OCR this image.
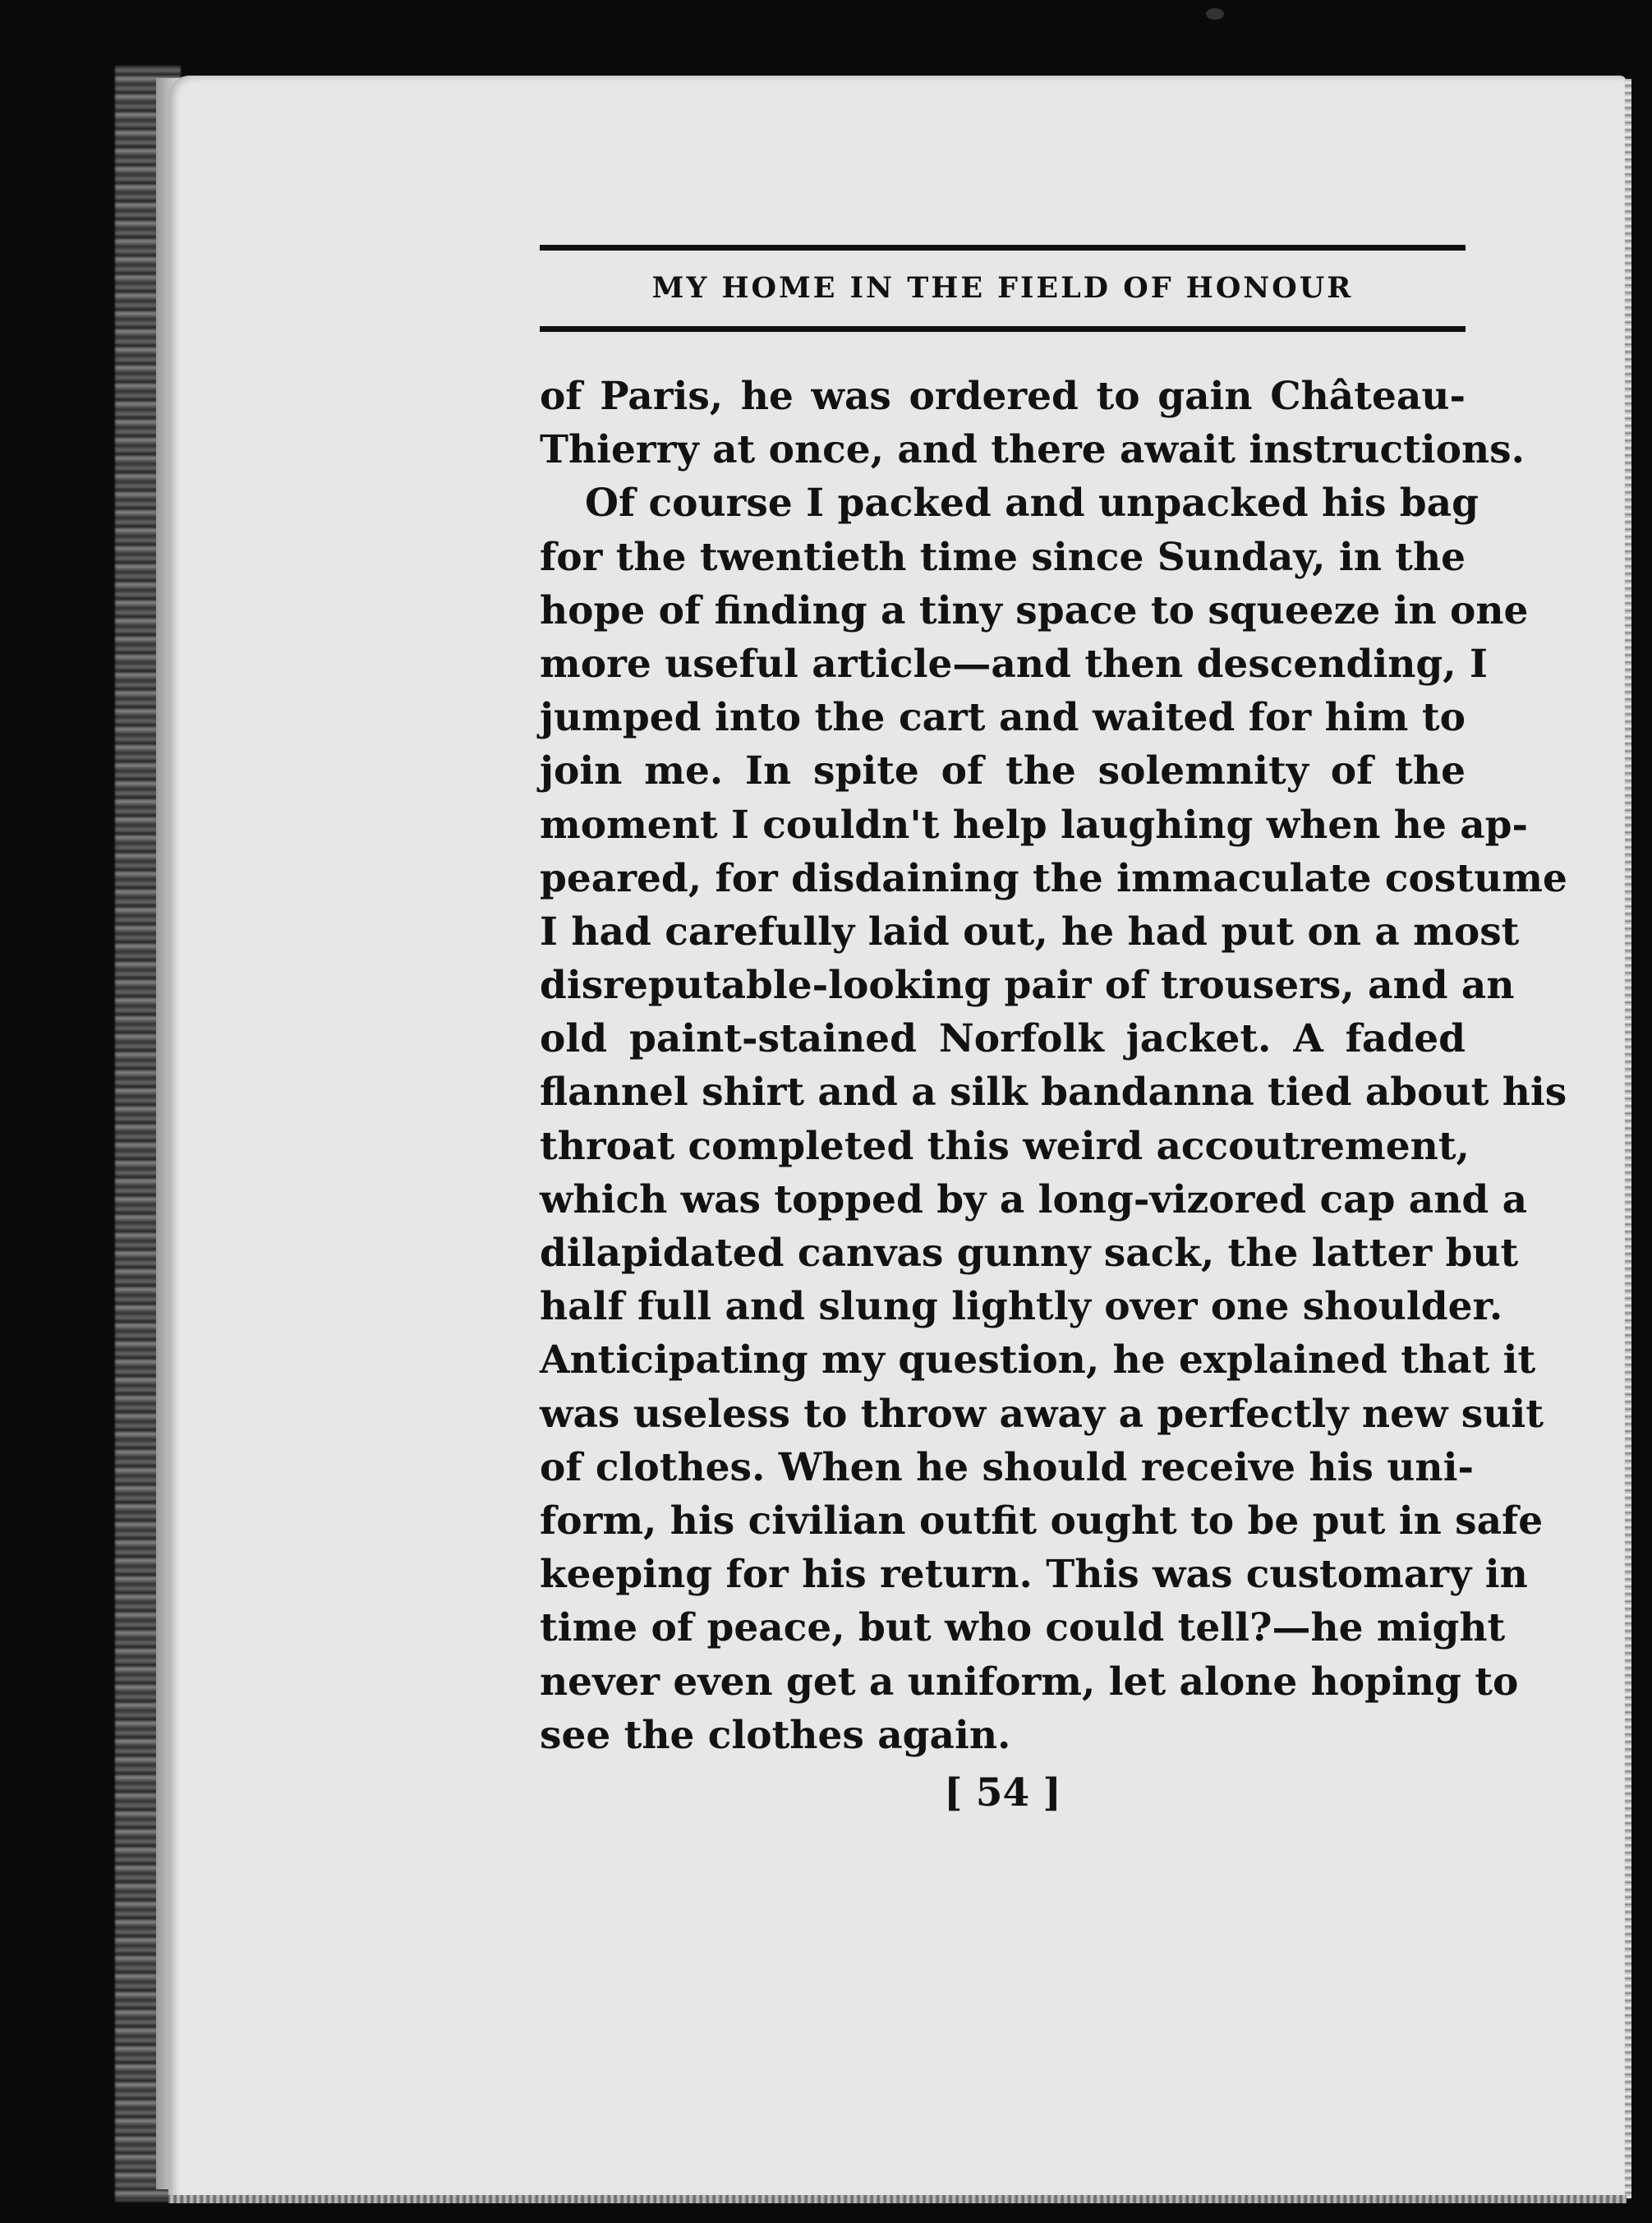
MY HOME IN THE FIELD OF HONOUR
of Paris, he was ordered to gain Château-
Thierry at once, and there await instructions.
Of course I packed and unpacked his bag
for the twentieth time since Sunday, in the
hope of finding a tiny space to squeeze in one
more useful article—and then descending, I
jumped into the cart and waited for him to
join me. In spite of the solemnity of the
moment I couldn't help laughing when he ap-
peared, for disdaining the immaculate costume
I had carefully laid out, he had put on a most
disreputable-looking pair of trousers, and an
old paint-stained Norfolk jacket. A faded
flannel shirt and a silk bandanna tied about his
throat completed this weird accoutrement,
which was topped by a long-vizored cap and a
dilapidated canvas gunny sack, the latter but
half full and slung lightly over one shoulder.
Anticipating my question, he explained that it
was useless to throw away a perfectly new suit
of clothes. When he should receive his uni-
form, his civilian outfit ought to be put in safe
keeping for his return. This was customary in
time of peace, but who could tell?—he might
never even get a uniform, let alone hoping to
see the clothes again.
[ 54 ]
